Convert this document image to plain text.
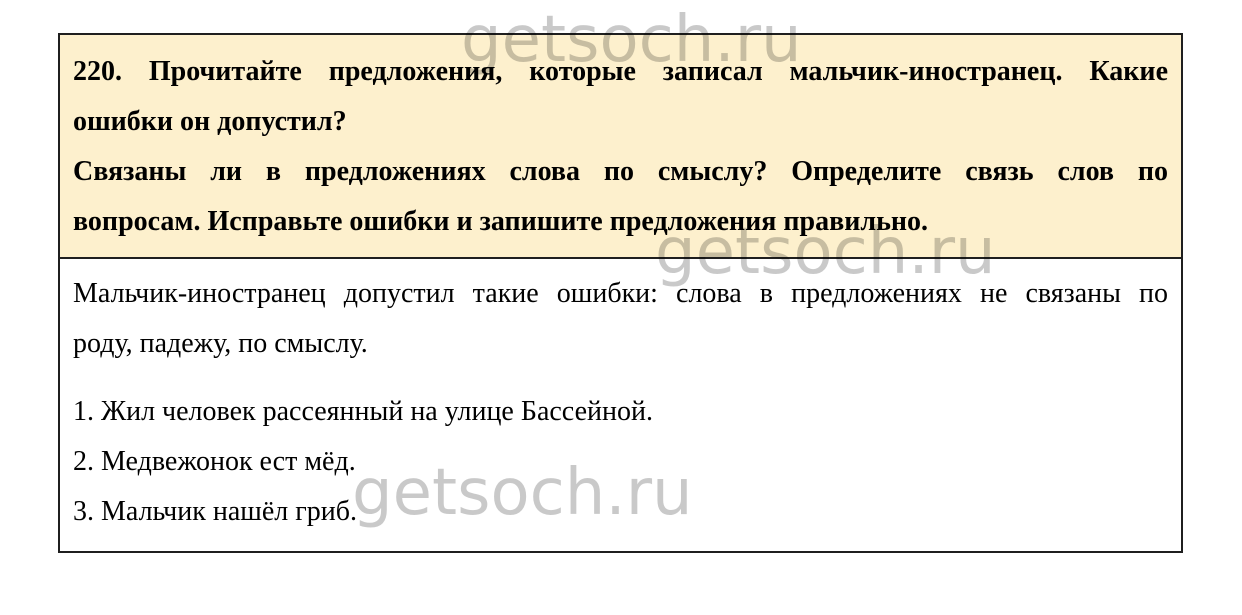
220. Прочитайте предложения, которые записал мальчик-иностранец. Какие
ошибки он допустил?
Связаны ли в предложениях слова по смыслу? Определите связь слов по
вопросам. Исправьте ошибки и запишите предложения правильно.
Мальчик-иностранец допустил такие ошибки: слова в предложениях не связаны по
роду, падежу, по смыслу.
1. Жил человек рассеянный на улице Бассейной.
2. Медвежонок ест мёд.
3. Мальчик нашёл гриб.
getsoch.ru
getsoch.ru
getsoch.ru
